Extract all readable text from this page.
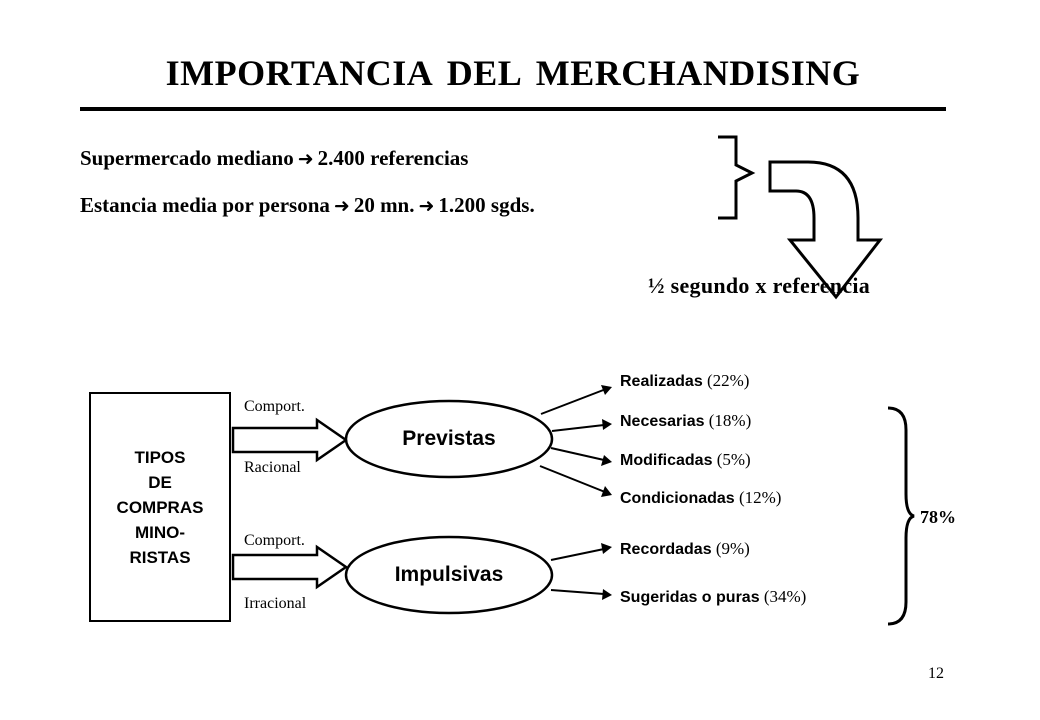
IMPORTANCIA DEL MERCHANDISING
Supermercado mediano ➜ 2.400 referencias
Estancia media por persona ➜ 20 mn. ➜ 1.200 sgds.
½ segundo x referencia
TIPOS
DE
COMPRAS
MINO-
RISTAS
Comport.
Racional
Comport.
Irracional
Previstas
Impulsivas
Realizadas (22%)
Necesarias (18%)
Modificadas (5%)
Condicionadas (12%)
Recordadas (9%)
Sugeridas o puras (34%)
78%
12
